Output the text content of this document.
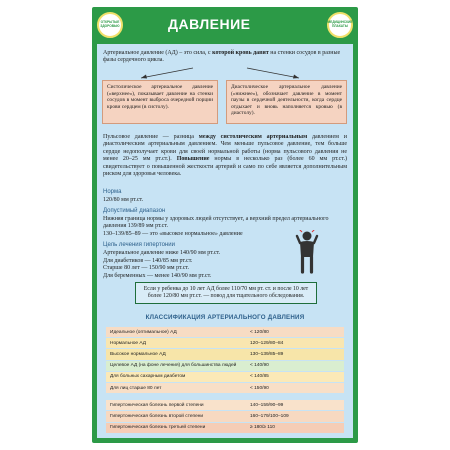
ОТКРЫТЫЕ ЗДОРОВЬЮ	ДАВЛЕНИЕ	МЕДИЦИНСКИЕ ПЛАКАТЫ
Артериальное давление (АД) – это сила, с которой кровь давит на стенки сосудов в разные фазы сердечного цикла.
Систолическое артериальное давление («верхнее»), показывает давление на стенки сосудов в момент выброса очередной порции крови сердцем (в систолу).
Диастолическое артериальное давление («нижнее»), обозначает давление в момент паузы в сердечной деятельности, когда сердце отдыхает и вновь наполняется кровью (в диастолу).
Пульсовое давление — разница между систолическим артериальным давлением и диастолическим артериальным давлением. Чем меньше пульсовое давление, тем больше сердце недополучает крови для своей нормальной работы (норма пульсового давления не менее 20–25 мм рт.ст.). Повышение нормы в несколько раз (более 60 мм рт.ст.) свидетельствует о повышенной жесткости артерий и само по себе является дополнительным риском для здоровья человека.
Норма
120/80 мм рт.ст.
Допустимый диапазон
Нижняя граница нормы у здоровых людей отсутствует, а верхний предел артериального давления 139/89 мм рт.ст.
130–139/85–89 — это «высокое нормальное» давление
Цель лечения гипертонии
Артериальное давление ниже 140/90 мм рт.ст.
Для диабетиков — 140/85 мм рт.ст.
Старше 80 лет — 150/90 мм рт.ст.
Для беременных — менее 140/90 мм рт.ст.
Если у ребенка до 10 лет АД более 110/70 мм рт. ст. и после 10 лет более 120/80 мм рт.ст. — повод для тщательного обследования.
КЛАССИФИКАЦИЯ АРТЕРИАЛЬНОГО ДАВЛЕНИЯ
Идеальное (оптимальное) АД	< 120/80
Нормальное АД	120–129/80–84
Высокое нормальное АД	130–139/85–89
Целевое АД (на фоне лечения) для большинства людей	< 140/90
Для больных сахарным диабетом	< 140/85
Для лиц старше 80 лет	< 150/90
Гипертоническая болезнь первой степени	140–159/90–99
Гипертоническая болезнь второй степени	160–179/100–109
Гипертоническая болезнь третьей степени	≥ 180/≥ 110
